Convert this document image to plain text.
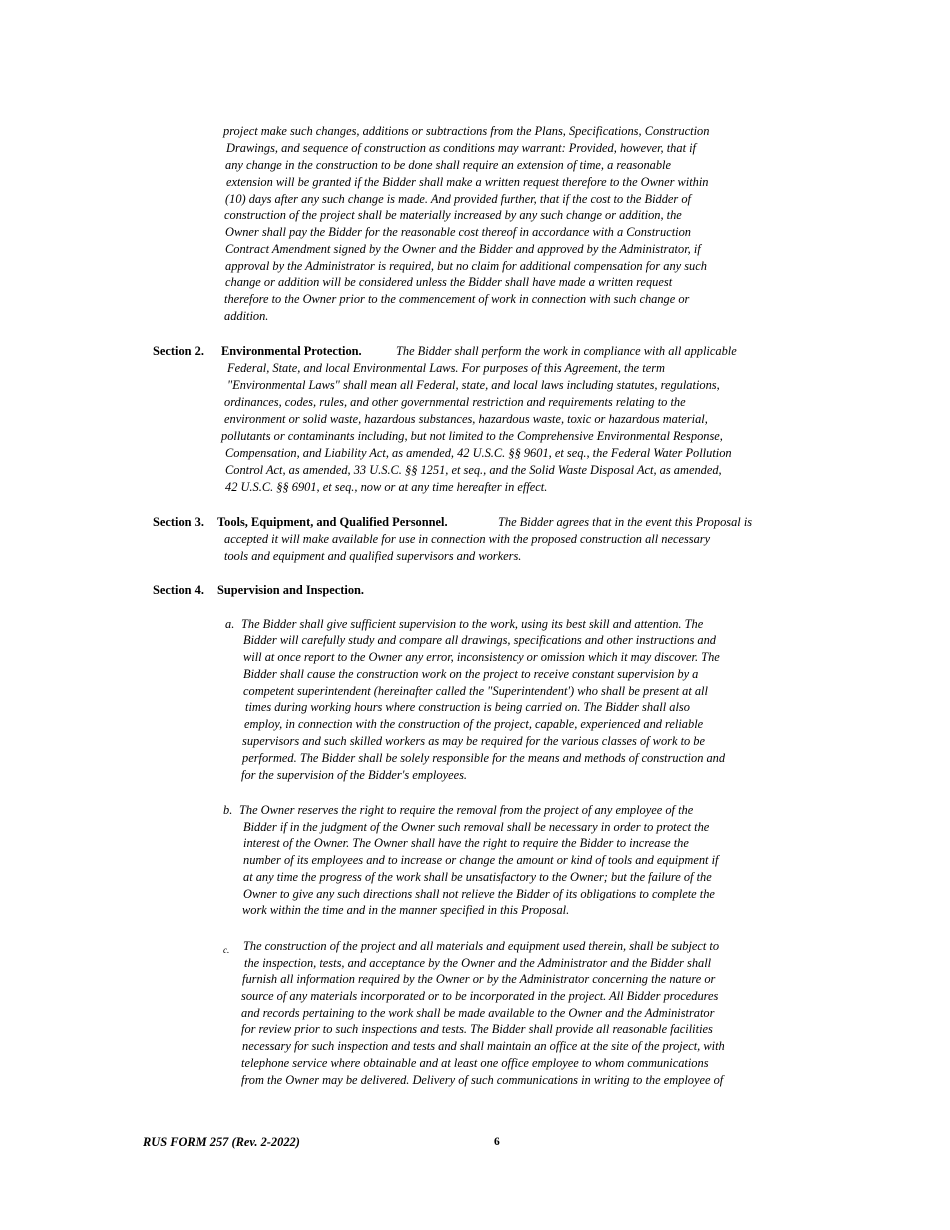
project make such changes, additions or subtractions from the Plans, Specifications, Construction
Drawings, and sequence of construction as conditions may warrant: Provided, however, that if
any change in the construction to be done shall require an extension of time, a reasonable
extension will be granted if the Bidder shall make a written request therefore to the Owner within
(10) days after any such change is made. And provided further, that if the cost to the Bidder of
construction of the project shall be materially increased by any such change or addition, the
Owner shall pay the Bidder for the reasonable cost thereof in accordance with a Construction
Contract Amendment signed by the Owner and the Bidder and approved by the Administrator, if
approval by the Administrator is required, but no claim for additional compensation for any such
change or addition will be considered unless the Bidder shall have made a written request
therefore to the Owner prior to the commencement of work in connection with such change or
addition.
Section 2. Environmental Protection.	The Bidder shall perform the work in compliance with all applicable
Federal, State, and local Environmental Laws. For purposes of this Agreement, the term
"Environmental Laws" shall mean all Federal, state, and local laws including statutes, regulations,
ordinances, codes, rules, and other governmental restriction and requirements relating to the
environment or solid waste, hazardous substances, hazardous waste, toxic or hazardous material,
pollutants or contaminants including, but not limited to the Comprehensive Environmental Response,
Compensation, and Liability Act, as amended, 42 U.S.C. §§ 9601, et seq., the Federal Water Pollution
Control Act, as amended, 33 U.S.C. §§ 1251, et seq., and the Solid Waste Disposal Act, as amended,
42 U.S.C. §§ 6901, et seq., now or at any time hereafter in effect.
Section 3. Tools, Equipment, and Qualified Personnel.	The Bidder agrees that in the event this Proposal is
accepted it will make available for use in connection with the proposed construction all necessary
tools and equipment and qualified supervisors and workers.
Section 4. Supervision and Inspection.
a. The Bidder shall give sufficient supervision to the work, using its best skill and attention. The
Bidder will carefully study and compare all drawings, specifications and other instructions and
will at once report to the Owner any error, inconsistency or omission which it may discover. The
Bidder shall cause the construction work on the project to receive constant supervision by a
competent superintendent (hereinafter called the "Superintendent') who shall be present at all
times during working hours where construction is being carried on. The Bidder shall also
employ, in connection with the construction of the project, capable, experienced and reliable
supervisors and such skilled workers as may be required for the various classes of work to be
performed. The Bidder shall be solely responsible for the means and methods of construction and
for the supervision of the Bidder's employees.
b. The Owner reserves the right to require the removal from the project of any employee of the
Bidder if in the judgment of the Owner such removal shall be necessary in order to protect the
interest of the Owner. The Owner shall have the right to require the Bidder to increase the
number of its employees and to increase or change the amount or kind of tools and equipment if
at any time the progress of the work shall be unsatisfactory to the Owner; but the failure of the
Owner to give any such directions shall not relieve the Bidder of its obligations to complete the
work within the time and in the manner specified in this Proposal.
c. The construction of the project and all materials and equipment used therein, shall be subject to
the inspection, tests, and acceptance by the Owner and the Administrator and the Bidder shall
furnish all information required by the Owner or by the Administrator concerning the nature or
source of any materials incorporated or to be incorporated in the project. All Bidder procedures
and records pertaining to the work shall be made available to the Owner and the Administrator
for review prior to such inspections and tests. The Bidder shall provide all reasonable facilities
necessary for such inspection and tests and shall maintain an office at the site of the project, with
telephone service where obtainable and at least one office employee to whom communications
from the Owner may be delivered. Delivery of such communications in writing to the employee of
RUS FORM 257 (Rev. 2-2022)	6
